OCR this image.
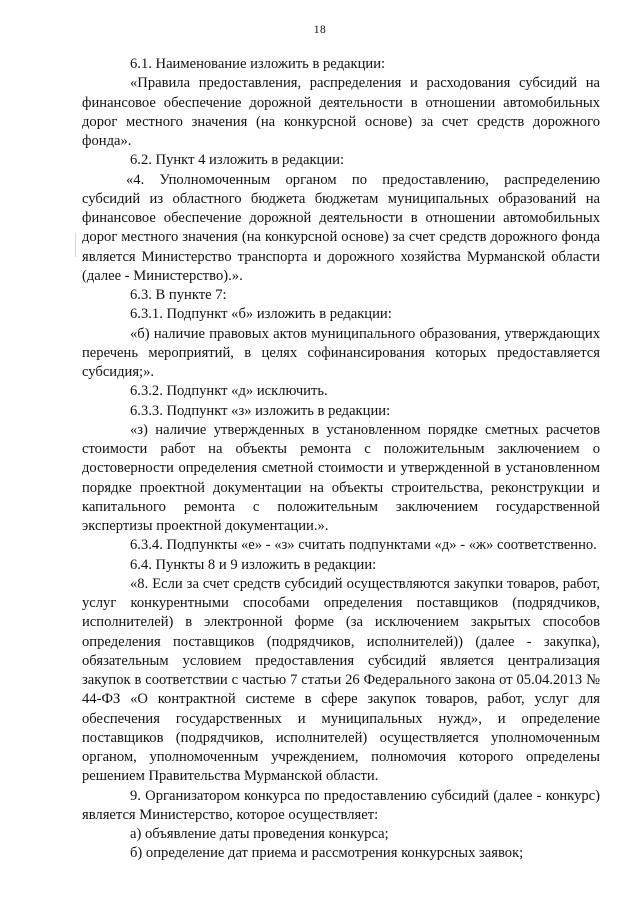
18

6.1. Наименование изложить в редакции:

«Правила предоставления, распределения и расходования субсидий на финансовое обеспечение дорожной деятельности в отношении автомобильных дорог местного значения (на конкурсной основе) за счет средств дорожного фонда».

6.2. Пункт 4 изложить в редакции:

«4. Уполномоченным органом по предоставлению, распределению субсидий из областного бюджета бюджетам муниципальных образований на финансовое обеспечение дорожной деятельности в отношении автомобильных дорог местного значения (на конкурсной основе) за счет средств дорожного фонда является Министерство транспорта и дорожного хозяйства Мурманской области (далее - Министерство).».

6.3. В пункте 7:

6.3.1. Подпункт «б» изложить в редакции:

«б) наличие правовых актов муниципального образования, утверждающих перечень мероприятий, в целях софинансирования которых предоставляется субсидия;».

6.3.2. Подпункт «д» исключить.

6.3.3. Подпункт «з» изложить в редакции:

«з) наличие утвержденных в установленном порядке сметных расчетов стоимости работ на объекты ремонта с положительным заключением о достоверности определения сметной стоимости и утвержденной в установленном порядке проектной документации на объекты строительства, реконструкции и капитального ремонта с положительным заключением государственной экспертизы проектной документации.».

6.3.4. Подпункты «е» - «з» считать подпунктами «д» - «ж» соответственно.

6.4. Пункты 8 и 9 изложить в редакции:

«8. Если за счет средств субсидий осуществляются закупки товаров, работ, услуг конкурентными способами определения поставщиков (подрядчиков, исполнителей) в электронной форме (за исключением закрытых способов определения поставщиков (подрядчиков, исполнителей)) (далее - закупка), обязательным условием предоставления субсидий является централизация закупок в соответствии с частью 7 статьи 26 Федерального закона от 05.04.2013 № 44-ФЗ «О контрактной системе в сфере закупок товаров, работ, услуг для обеспечения государственных и муниципальных нужд», и определение поставщиков (подрядчиков, исполнителей) осуществляется уполномоченным органом, уполномоченным учреждением, полномочия которого определены решением Правительства Мурманской области.

9. Организатором конкурса по предоставлению субсидий (далее - конкурс) является Министерство, которое осуществляет:

а) объявление даты проведения конкурса;

б) определение дат приема и рассмотрения конкурсных заявок;
